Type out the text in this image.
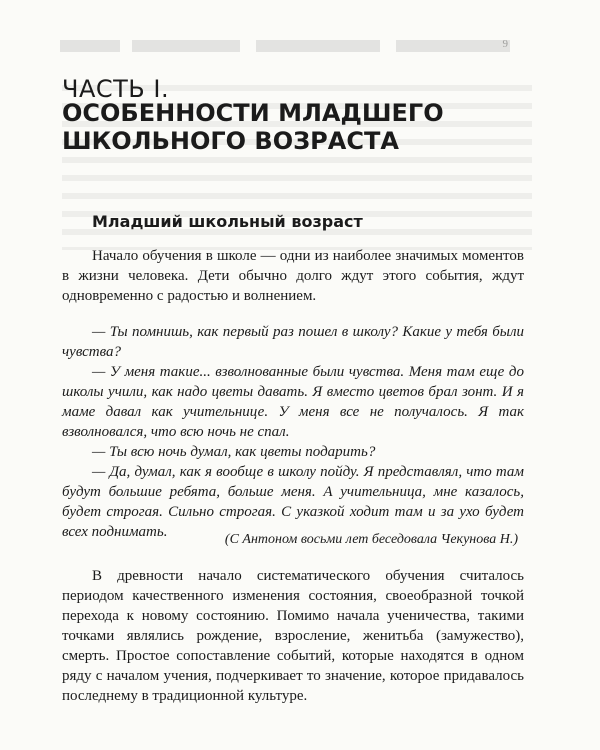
9
ЧАСТЬ I.
ОСОБЕННОСТИ МЛАДШЕГО
ШКОЛЬНОГО ВОЗРАСТА
Младший школьный возраст

Начало обучения в школе — одни из наиболее значимых моментов в жизни человека. Дети обычно долго ждут этого события, ждут одновременно с радостью и волнением.

— Ты помнишь, как первый раз пошел в школу? Какие у тебя были чувства?

— У меня такие... взволнованные были чувства. Меня там еще до школы учили, как надо цветы давать. Я вместо цветов брал зонт. И я маме давал как учительнице. У меня все не получалось. Я так взволновался, что всю ночь не спал.

— Ты всю ночь думал, как цветы подарить?

— Да, думал, как я вообще в школу пойду. Я представлял, что там будут большие ребята, больше меня. А учительница, мне казалось, будет строгая. Сильно строгая. С указкой ходит там и за ухо будет всех поднимать.	(С Антоном восьми лет беседовала Чекунова Н.)

В древности начало систематического обучения считалось периодом качественного изменения состояния, своеобразной точкой перехода к новому состоянию. Помимо начала ученичества, такими точками являлись рождение, взросление, женитьба (замужество), смерть. Простое сопоставление событий, которые находятся в одном ряду с началом учения, подчеркивает то значение, которое придавалось последнему в традиционной культуре.
